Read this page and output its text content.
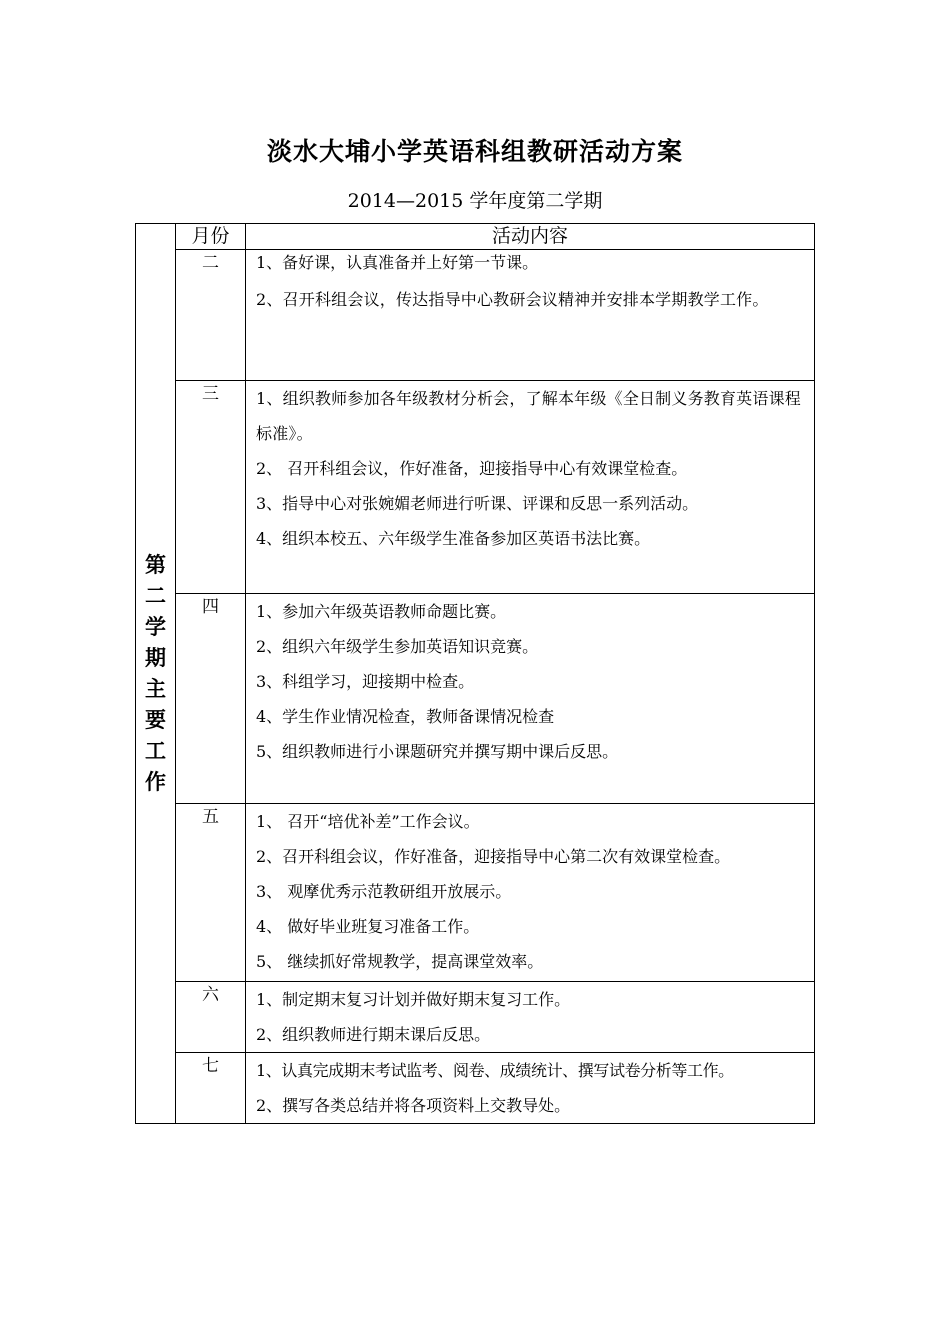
淡水大埔小学英语科组教研活动方案
2014—2015 学年度第二学期
第二学期主要工作	月份	活动内容
	二	1、备好课，认真准备并上好第一节课。
2、召开科组会议，传达指导中心教研会议精神并安排本学期教学工作。

	三	1、组织教师参加各年级教材分析会，了解本年级《全日制义务教育英语课程标准》。
2、 召开科组会议，作好准备，迎接指导中心有效课堂检查。
3、指导中心对张婉媚老师进行听课、评课和反思一系列活动。
4、组织本校五、六年级学生准备参加区英语书法比赛。

	四	1、参加六年级英语教师命题比赛。
2、组织六年级学生参加英语知识竞赛。
3、科组学习，迎接期中检查。
4、学生作业情况检查，教师备课情况检查
5、组织教师进行小课题研究并撰写期中课后反思。

	五	1、 召开“培优补差”工作会议。
2、召开科组会议，作好准备，迎接指导中心第二次有效课堂检查。
3、 观摩优秀示范教研组开放展示。
4、 做好毕业班复习准备工作。
5、 继续抓好常规教学，提高课堂效率。

	六	1、制定期末复习计划并做好期末复习工作。
2、组织教师进行期末课后反思。

	七	1、认真完成期末考试监考、阅卷、成绩统计、撰写试卷分析等工作。
2、撰写各类总结并将各项资料上交教导处。
